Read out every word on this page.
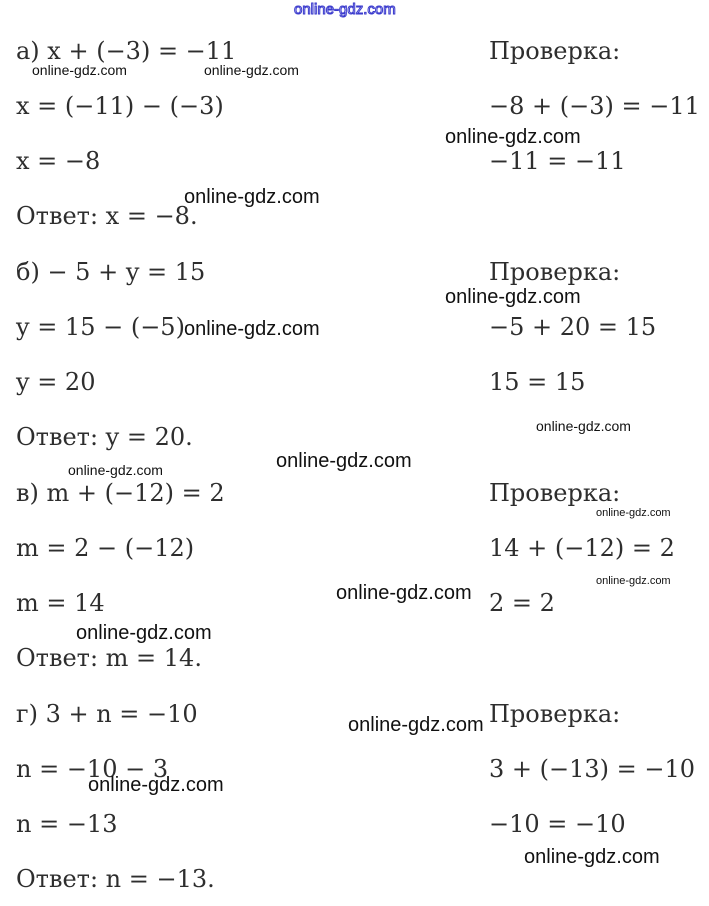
а) x + (−3) = −11
x = (−11) − (−3)
x = −8
Ответ: x = −8.
б) − 5 + y = 15
y = 15 − (−5)
y = 20
Ответ: y = 20.
в) m + (−12) = 2
m = 2 − (−12)
m = 14
Ответ: m = 14.
г) 3 + n = −10
n = −10 − 3
n = −13
Ответ: n = −13.
Проверка:
−8 + (−3) = −11
−11 = −11
Проверка:
−5 + 20 = 15
15 = 15
Проверка:
14 + (−12) = 2
2 = 2
Проверка:
3 + (−13) = −10
−10 = −10
online-gdz.com
online-gdz.com	online-gdz.com
online-gdz.com
online-gdz.com
online-gdz.com
online-gdz.com
online-gdz.com
online-gdz.com
online-gdz.com
online-gdz.com
online-gdz.com
online-gdz.com
online-gdz.com
online-gdz.com
online-gdz.com
online-gdz.com
